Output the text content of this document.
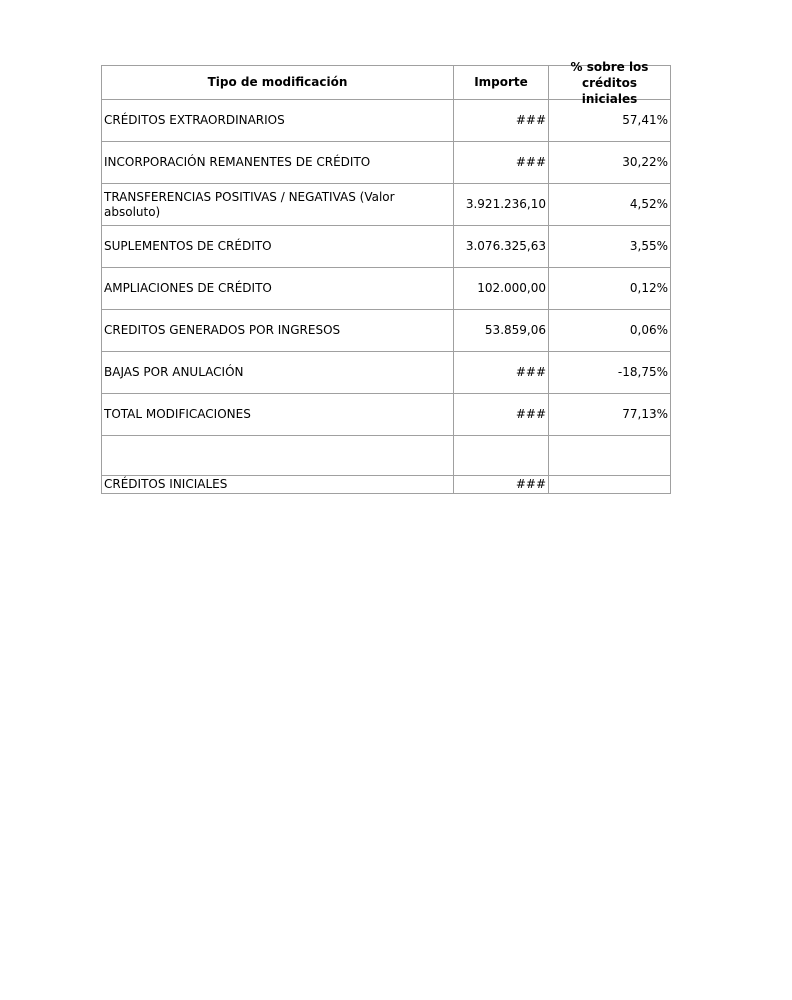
Tipo de modificación	Importe	% sobre los créditos iniciales

CRÉDITOS EXTRAORDINARIOS	###	57,41%
INCORPORACIÓN REMANENTES DE CRÉDITO	###	30,22%
TRANSFERENCIAS POSITIVAS / NEGATIVAS (Valor absoluto)	3.921.236,10	4,52%
SUPLEMENTOS DE CRÉDITO	3.076.325,63	3,55%
AMPLIACIONES DE CRÉDITO	102.000,00	0,12%
CREDITOS GENERADOS POR INGRESOS	53.859,06	0,06%
BAJAS POR ANULACIÓN	###	-18,75%
TOTAL MODIFICACIONES	###	77,13%

CRÉDITOS INICIALES	###	
